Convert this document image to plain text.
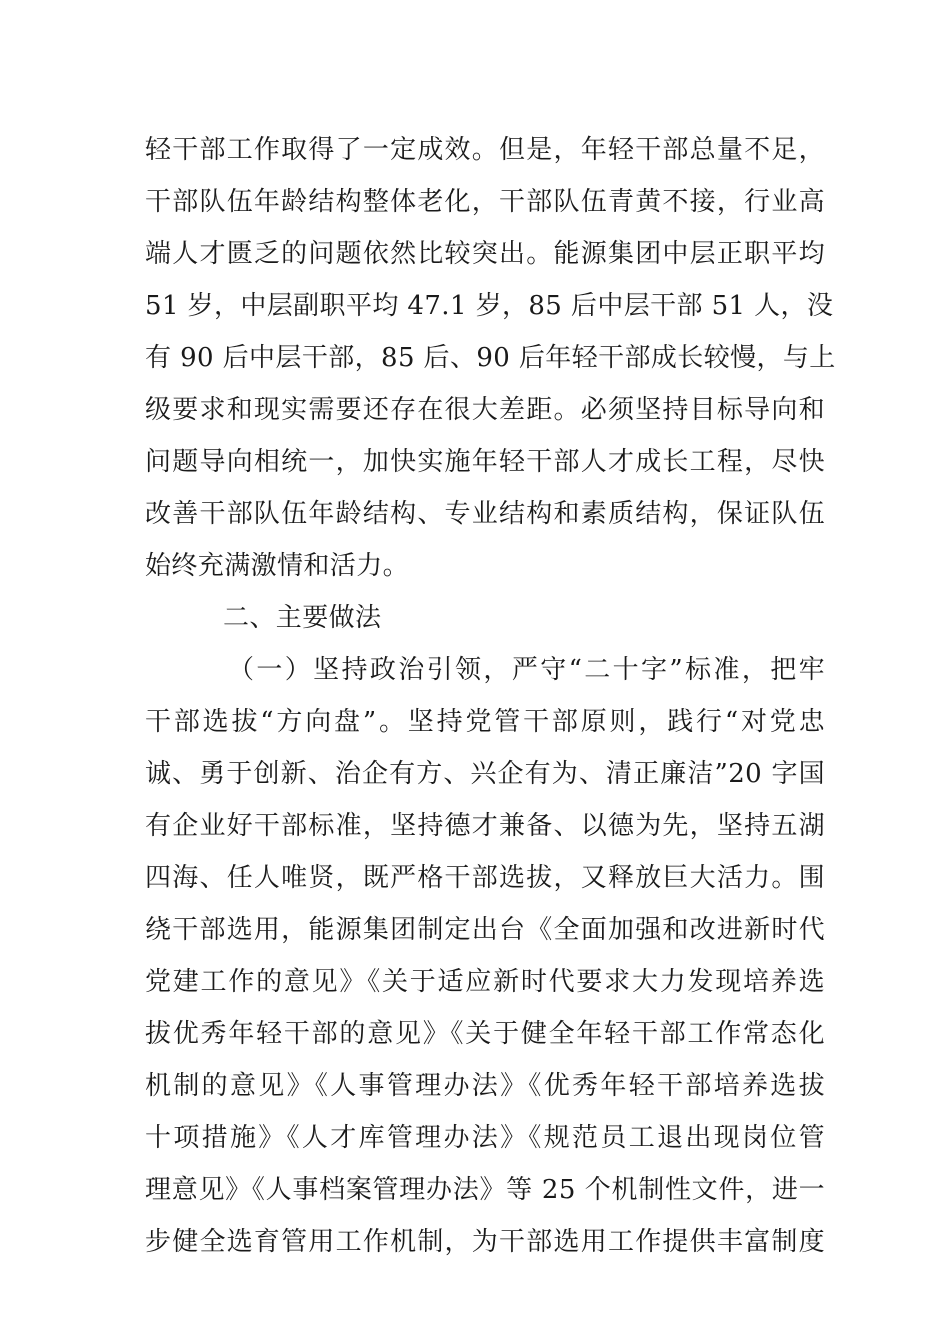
轻干部工作取得了一定成效。但是，年轻干部总量不足，
干部队伍年龄结构整体老化，干部队伍青黄不接，行业高
端人才匮乏的问题依然比较突出。能源集团中层正职平均
51 岁，中层副职平均 47.1 岁，85 后中层干部 51 人，没
有 90 后中层干部，85 后、90 后年轻干部成长较慢，与上
级要求和现实需要还存在很大差距。必须坚持目标导向和
问题导向相统一，加快实施年轻干部人才成长工程，尽快
改善干部队伍年龄结构、专业结构和素质结构，保证队伍
始终充满激情和活力。
二、主要做法
（一）坚持政治引领，严守“二十字”标准，把牢
干部选拔“方向盘”。坚持党管干部原则，践行“对党忠
诚、勇于创新、治企有方、兴企有为、清正廉洁”20 字国
有企业好干部标准，坚持德才兼备、以德为先，坚持五湖
四海、任人唯贤，既严格干部选拔，又释放巨大活力。围
绕干部选用，能源集团制定出台《全面加强和改进新时代
党建工作的意见》《关于适应新时代要求大力发现培养选
拔优秀年轻干部的意见》《关于健全年轻干部工作常态化
机制的意见》《人事管理办法》《优秀年轻干部培养选拔
十项措施》《人才库管理办法》《规范员工退出现岗位管
理意见》《人事档案管理办法》等 25 个机制性文件，进一
步健全选育管用工作机制，为干部选用工作提供丰富制度
